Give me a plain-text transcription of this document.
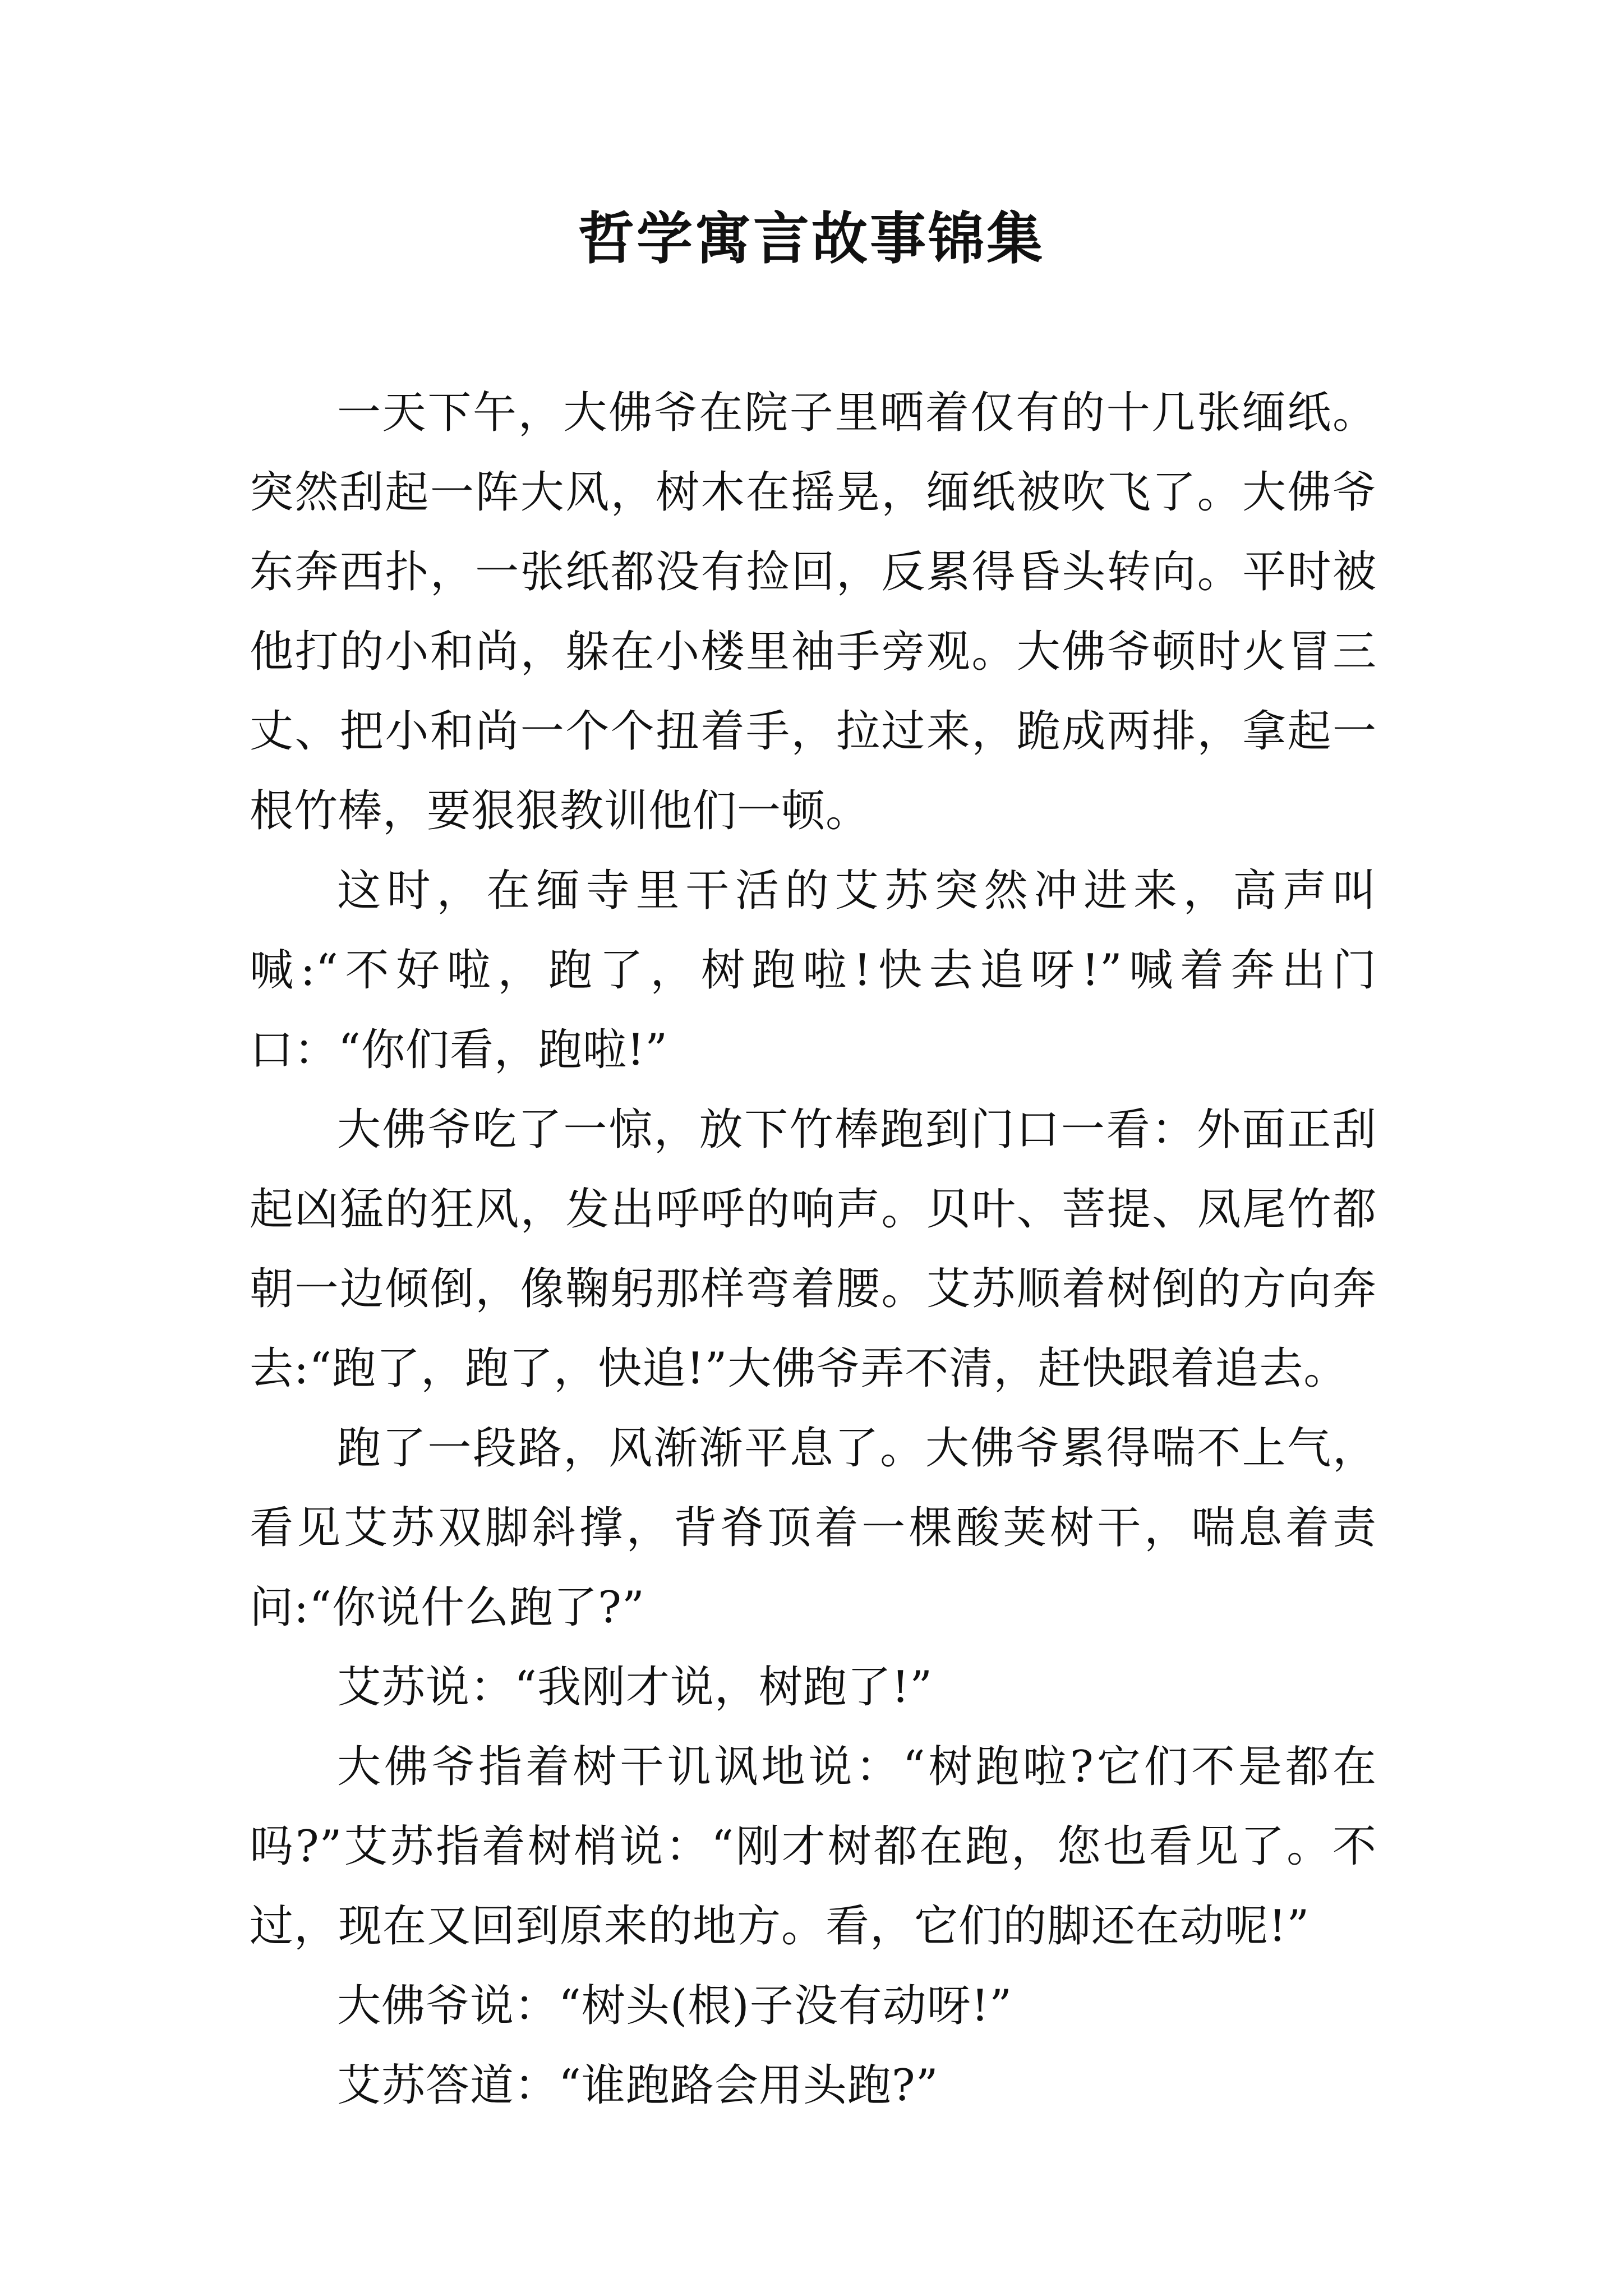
哲学寓言故事锦集

一天下午，大佛爷在院子里晒着仅有的十几张缅纸。突然刮起一阵大风，树木在摇晃，缅纸被吹飞了。大佛爷东奔西扑，一张纸都没有捡回，反累得昏头转向。平时被他打的小和尚，躲在小楼里袖手旁观。大佛爷顿时火冒三丈、把小和尚一个个扭着手，拉过来，跪成两排，拿起一根竹棒，要狠狠教训他们一顿。

这时，在缅寺里干活的艾苏突然冲进来，高声叫喊:“不好啦，跑了，树跑啦!快去追呀!”喊着奔出门口：“你们看，跑啦!”

大佛爷吃了一惊，放下竹棒跑到门口一看：外面正刮起凶猛的狂风，发出呼呼的响声。贝叶、菩提、凤尾竹都朝一边倾倒，像鞠躬那样弯着腰。艾苏顺着树倒的方向奔去:“跑了，跑了，快追!”大佛爷弄不清，赶快跟着追去。

跑了一段路，风渐渐平息了。大佛爷累得喘不上气，看见艾苏双脚斜撑，背脊顶着一棵酸荚树干，喘息着责问:“你说什么跑了?”

艾苏说：“我刚才说，树跑了!”

大佛爷指着树干讥讽地说：“树跑啦?它们不是都在吗?”艾苏指着树梢说：“刚才树都在跑，您也看见了。不过，现在又回到原来的地方。看，它们的脚还在动呢!”

大佛爷说：“树头(根)子没有动呀!”

艾苏答道：“谁跑路会用头跑?”
